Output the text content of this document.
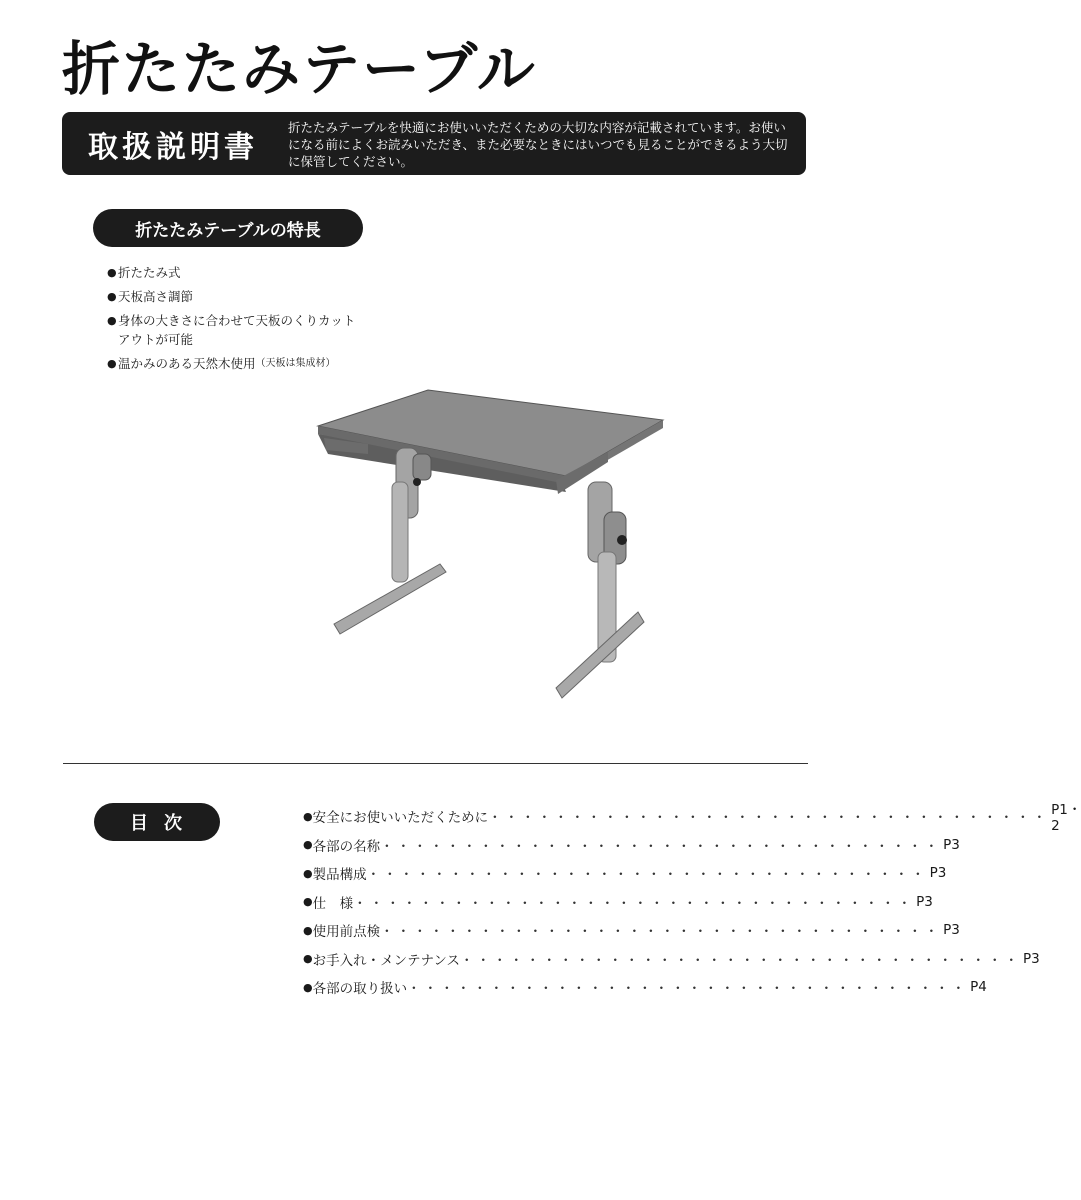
折たたみテーブル
取扱説明書
折たたみテーブルを快適にお使いいただくための大切な内容が記載されています。お使いになる前によくお読みいただき、また必要なときにはいつでも見ることができるよう大切に保管してください。
折たたみテーブルの特長
● 折たたみ式
● 天板高さ調節
● 身体の大きさに合わせて天板のくりカット
アウトが可能
● 温かみのある天然木使用 （天板は集成材）
目次	● 安全にお使いいただくために ・・・・・・・・・・・・・・・・・・・・・・・・・・・・・・・・・・ P1・2
● 各部の名称 ・・・・・・・・・・・・・・・・・・・・・・・・・・・・・・・・・・ P3
● 製品構成 ・・・・・・・・・・・・・・・・・・・・・・・・・・・・・・・・・・ P3
● 仕　様 ・・・・・・・・・・・・・・・・・・・・・・・・・・・・・・・・・・ P3
● 使用前点検 ・・・・・・・・・・・・・・・・・・・・・・・・・・・・・・・・・・ P3
● お手入れ・メンテナンス ・・・・・・・・・・・・・・・・・・・・・・・・・・・・・・・・・・ P3
● 各部の取り扱い ・・・・・・・・・・・・・・・・・・・・・・・・・・・・・・・・・・ P4
